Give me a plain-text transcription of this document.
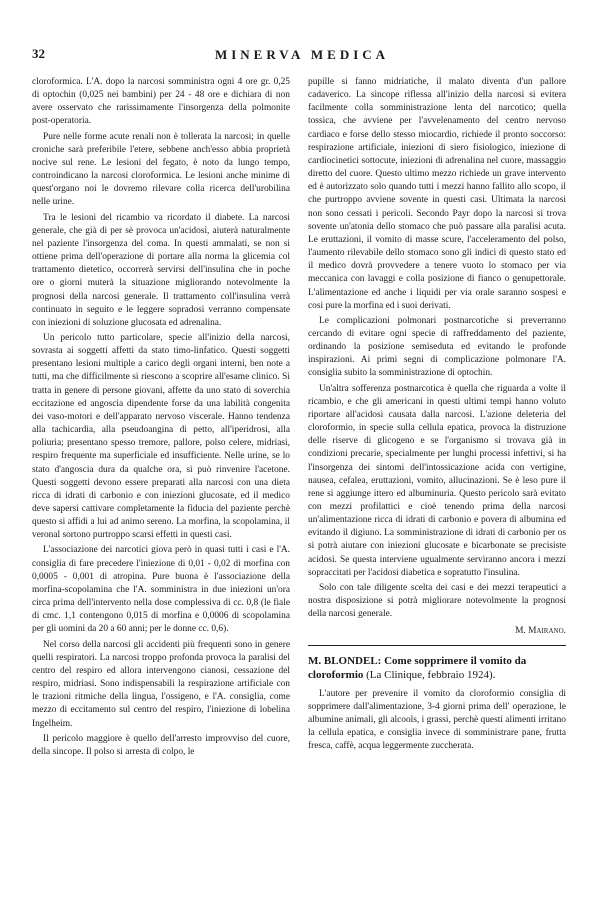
32	MINERVA MEDICA

cloroformica. L'A. dopo la narcosi somministra ogni 4 ore gr. 0,25 di optochin (0,025 nei bambini) per 24 - 48 ore e dichiara di non avere osservato che rarissimamente l'insorgenza della polmonite post-operatoria.

Pure nelle forme acute renali non è tollerata la narcosi; in quelle croniche sarà preferibile l'etere, sebbene anch'esso abbia proprietà nocive sul rene. Le lesioni del fegato, è noto da lungo tempo, controindicano la narcosi cloroformica. Le lesioni anche minime di quest'organo noi le dovremo rilevare colla ricerca dell'urobilina nelle urine.

Tra le lesioni del ricambio va ricordato il diabete. La narcosi generale, che già di per sè provoca un'acidosi, aiuterà naturalmente nel paziente l'insorgenza del coma. In questi ammalati, se non si ottiene prima dell'operazione di portare alla norma la glicemia col trattamento dietetico, occorrerà servirsi dell'insulina che in poche ore o giorni muterà la situazione migliorando notevolmente la prognosi della narcosi generale. Il trattamento coll'insulina verrà continuato in seguito e le leggere sopradosi verranno compensate con iniezioni di soluzione glucosata ed adrenalina.

Un pericolo tutto particolare, specie all'inizio della narcosi, sovrasta ai soggetti affetti da stato timo-linfatico. Questi soggetti presentano lesioni multiple a carico degli organi interni, ben note a tutti, ma che difficilmente si riescono a scoprire all'esame clinico. Si tratta in genere di persone giovani, affette da uno stato di soverchia eccitazione ed angoscia dipendente forse da una labilità congenita dei vaso-motori e dell'apparato nervoso viscerale. Hanno tendenza alla tachicardia, alla pseudoangina di petto, all'iperidrosi, alla poliuria; presentano spesso tremore, pallore, polso celere, midriasi, respiro frequente ma superficiale ed insufficiente. Nelle urine, se lo stato d'angoscia dura da qualche ora, si può rinvenire l'acetone. Questi soggetti devono essere preparati alla narcosi con una dieta ricca di idrati di carbonio e con iniezioni glucosate, ed il medico deve sapersi cattivare completamente la fiducia del paziente perchè questo si affidi a lui ad animo sereno. La morfina, la scopolamina, il veronal sortono purtroppo scarsi effetti in questi casi.

L'associazione dei narcotici giova però in quasi tutti i casi e l'A. consiglia di fare precedere l'iniezione di 0,01 - 0,02 di morfina con 0,0005 - 0,001 di atropina. Pure buona è l'associazione della morfina-scopolamina che l'A. somministra in due iniezioni un'ora circa prima dell'intervento nella dose complessiva di cc. 0,8 (le fiale di cmc. 1,1 contengono 0,015 di morfina e 0,0006 di scopolamina per gli uomini da 20 a 60 anni; per le donne cc. 0,6).

Nel corso della narcosi gli accidenti più frequenti sono in genere quelli respiratori. La narcosi troppo profonda provoca la paralisi del centro del respiro ed allora intervengono cianosi, cessazione del respiro, midriasi. Sono indispensabili la respirazione artificiale con le trazioni ritmiche della lingua, l'ossigeno, e l'A. consiglia, come mezzo di eccitamento sul centro del respiro, l'iniezione di lobelina Ingelheim.

Il pericolo maggiore è quello dell'arresto improvviso del cuore, della sincope. Il polso si arresta di colpo, le

pupille si fanno midriatiche, il malato diventa d'un pallore cadaverico. La sincope riflessa all'inizio della narcosi si evitera facilmente colla somministrazione lenta del narcotico; quella tossica, che avviene per l'avvelenamento del centro nervoso cardiaco e forse dello stesso miocardio, richiede il pronto soccorso: respirazione artificiale, iniezioni di siero fisiologico, iniezione di cardiocinetici sottocute, iniezioni di adrenalina nel cuore, massaggio diretto del cuore. Questo ultimo mezzo richiede un grave intervento ed è autorizzato solo quando tutti i mezzi hanno fallito allo scopo, il che purtroppo avviene sovente in questi casi. Ultimata la narcosi non sono cessati i pericoli. Secondo Payr dopo la narcosi si trova sovente un'atonia dello stomaco che può passare alla paralisi acuta. Le eruttazioni, il vomito di masse scure, l'acceleramento del polso, l'aumento rilevabile dello stomaco sono gli indici di questo stato ed il medico dovrà provvedere a tenere vuoto lo stomaco per via meccanica con lavaggi e colla posizione di fianco o genupettorale. L'alimentazione ed anche i liquidi per via orale saranno sospesi e cosi pure la morfina ed i suoi derivati.

Le complicazioni polmonari postnarcotiche si preverranno cercando di evitare ogni specie di raffreddamento del paziente, ordinando la posizione semiseduta ed evitando le profonde inspirazioni. Ai primi segni di complicazione polmonare l'A. consiglia subito la somministrazione di optochin.

Un'altra sofferenza postnarcotica è quella che riguarda a volte il ricambio, e che gli americani in questi ultimi tempi hanno voluto riportare all'acidosi causata dalla narcosi. L'azione deleteria del cloroformio, in specie sulla cellula epatica, provoca la distruzione delle riserve di glicogeno e se l'organismo si trovava già in condizioni precarie, specialmente per lunghi processi infettivi, si ha l'insorgenza dei sintomi dell'intossicazione acida con vertigine, nausea, cefalea, eruttazioni, vomito, allucinazioni. Se è leso pure il rene si aggiunge ittero ed albuminuria. Questo pericolo sarà evitato con mezzi profilattici e cioè tenendo prima della narcosi un'alimentazione ricca di idrati di carbonio e povera di albumina ed evitando il digiuno. La somministrazione di idrati di carbonio per os si potrà aiutare con iniezioni glucosate e bicarbonate se precisiste acidosi. Se questa interviene ugualmente serviranno ancora i mezzi sopraccitati per l'acidosi diabetica e sopratutto l'insulina.

Solo con tale diligente scelta dei casi e dei mezzi terapeutici a nostra disposizione si potrà migliorare notevolmente la prognosi della narcosi generale.

M. Mairano.
M. BLONDEL: Come sopprimere il vomito da cloroformio (La Clinique, febbraio 1924).

L'autore per prevenire il vomito da cloroformio consiglia di sopprimere dall'alimentazione, 3-4 giorni prima dell' operazione, le albumine animali, gli alcools, i grassi, perchè questi alimenti irritano la cellula epatica, e consiglia invece di somministrare pane, frutta fresca, caffè, acqua leggermente zuccherata.
